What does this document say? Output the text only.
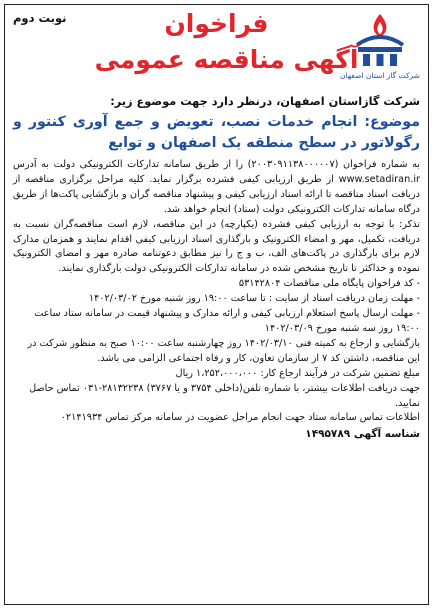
شرکت گاز استان اصفهان
نوبت دوم	فراخوان
آگهی مناقصه عمومی
شرکت گازاستان اصفهان، درنظر دارد جهت موضوع زیر:
موضوع: انجام خدمات نصب، تعویض و جمع آوری کنتور و رگولاتور در سطح منطقه یک اصفهان و توابع

به شماره فراخوان (۲۰۰۳۰۹۱۱۳۸۰۰۰۰۰۷) را از طریق سامانه تدارکات الکترونیکی دولت به آدرس www.setadiran.ir از طریق ارزیابی کیفی فشرده برگزار نماید. کلیه مراحل برگزاری مناقصه از دریافت اسناد مناقصه تا ارائه اسناد ارزیابی کیفی و پیشنهاد مناقصه گران و بازگشایی پاکت‌ها از طریق درگاه سامانه تدارکات الکترونیکی دولت (ستاد) انجام خواهد شد.

تذکر: با توجه به ارزیابی کیفی فشرده (یکپارچه) در این مناقصه، لازم است مناقصه‌گران نسبت به دریافت، تکمیل، مهر و امضاء الکترونیک و بارگذاری اسناد ارزیابی کیفی اقدام نمایند و همزمان مدارک لازم برای بارگذاری در پاکت‌های الف، ب و ج را نیز مطابق دعوتنامه صادره مهر و امضای الکترونیک نموده و حداکثر تا تاریخ مشخص شده در سامانه تدارکات الکترونیکی دولت بارگذاری نمایند.

- کد فراخوان پایگاه ملی مناقصات ۵۳۱۴۲۸۰۴

- مهلت زمان دریافت اسناد از سایت : تا ساعت ۱۹:۰۰ روز شنبه مورخ ۱۴۰۲/۰۳/۰۲

- مهلت ارسال پاسخ استعلام ارزیابی کیفی و ارائه مدارک و پیشنهاد قیمت در سامانه ستاد ساعت ۱۹:۰۰ روز سه شنبه مورخ ۱۴۰۲/۰۳/۰۹

بازگشایی و ارجاع به کمیته فنی ۱۴۰۲/۰۳/۱۰ روز چهارشنبه ساعت ۱۰:۰۰ صبح به منظور شرکت در این مناقصه، داشتن کد ۷ از سازمان تعاون، کار و رفاه اجتماعی الزامی می باشد.

مبلغ تضمین شرکت در فرآیند ارجاع کار: ۱،۲۵۲،۰۰۰،۰۰۰ ریال

جهت دریافت اطلاعات بیشتر، با شماره تلفن(داخلی ۳۷۵۴ و یا ۳۷۶۷) ۲۸۱۳۲۲۳۸-۰۳۱ تماس حاصل نمایید.

اطلاعات تماس سامانه ستاد جهت انجام مراحل عضویت در سامانه مرکز تماس ۰۲۱۴۱۹۳۴

شناسه آگهی ۱۴۹۵۷۸۹
